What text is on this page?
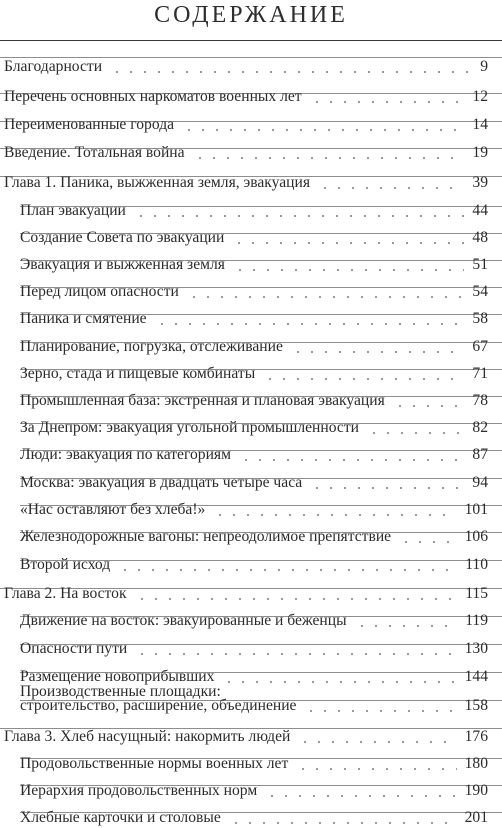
СОДЕРЖАНИЕ
Благодарности	9
Перечень основных наркоматов военных лет	12
Переименованные города	14
Введение. Тотальная война	19
Глава 1. Паника, выжженная земля, эвакуация	39
План эвакуации	44
Создание Совета по эвакуации	48
Эвакуация и выжженная земля	51
Перед лицом опасности	54
Паника и смятение	58
Планирование, погрузка, отслеживание	67
Зерно, стада и пищевые комбинаты	71
Промышленная база: экстренная и плановая эвакуация	78
За Днепром: эвакуация угольной промышленности	82
Люди: эвакуация по категориям	87
Москва: эвакуация в двадцать четыре часа	94
«Нас оставляют без хлеба!»	101
Железнодорожные вагоны: непреодолимое препятствие	106
Второй исход	110
Глава 2. На восток	115
Движение на восток: эвакуированные и беженцы	119
Опасности пути	130
Размещение новоприбывших	144
Производственные площадки:
строительство, расширение, объединение	158
Глава 3. Хлеб насущный: накормить людей	176
Продовольственные нормы военных лет	180
Иерархия продовольственных норм	190
Хлебные карточки и столовые	201
